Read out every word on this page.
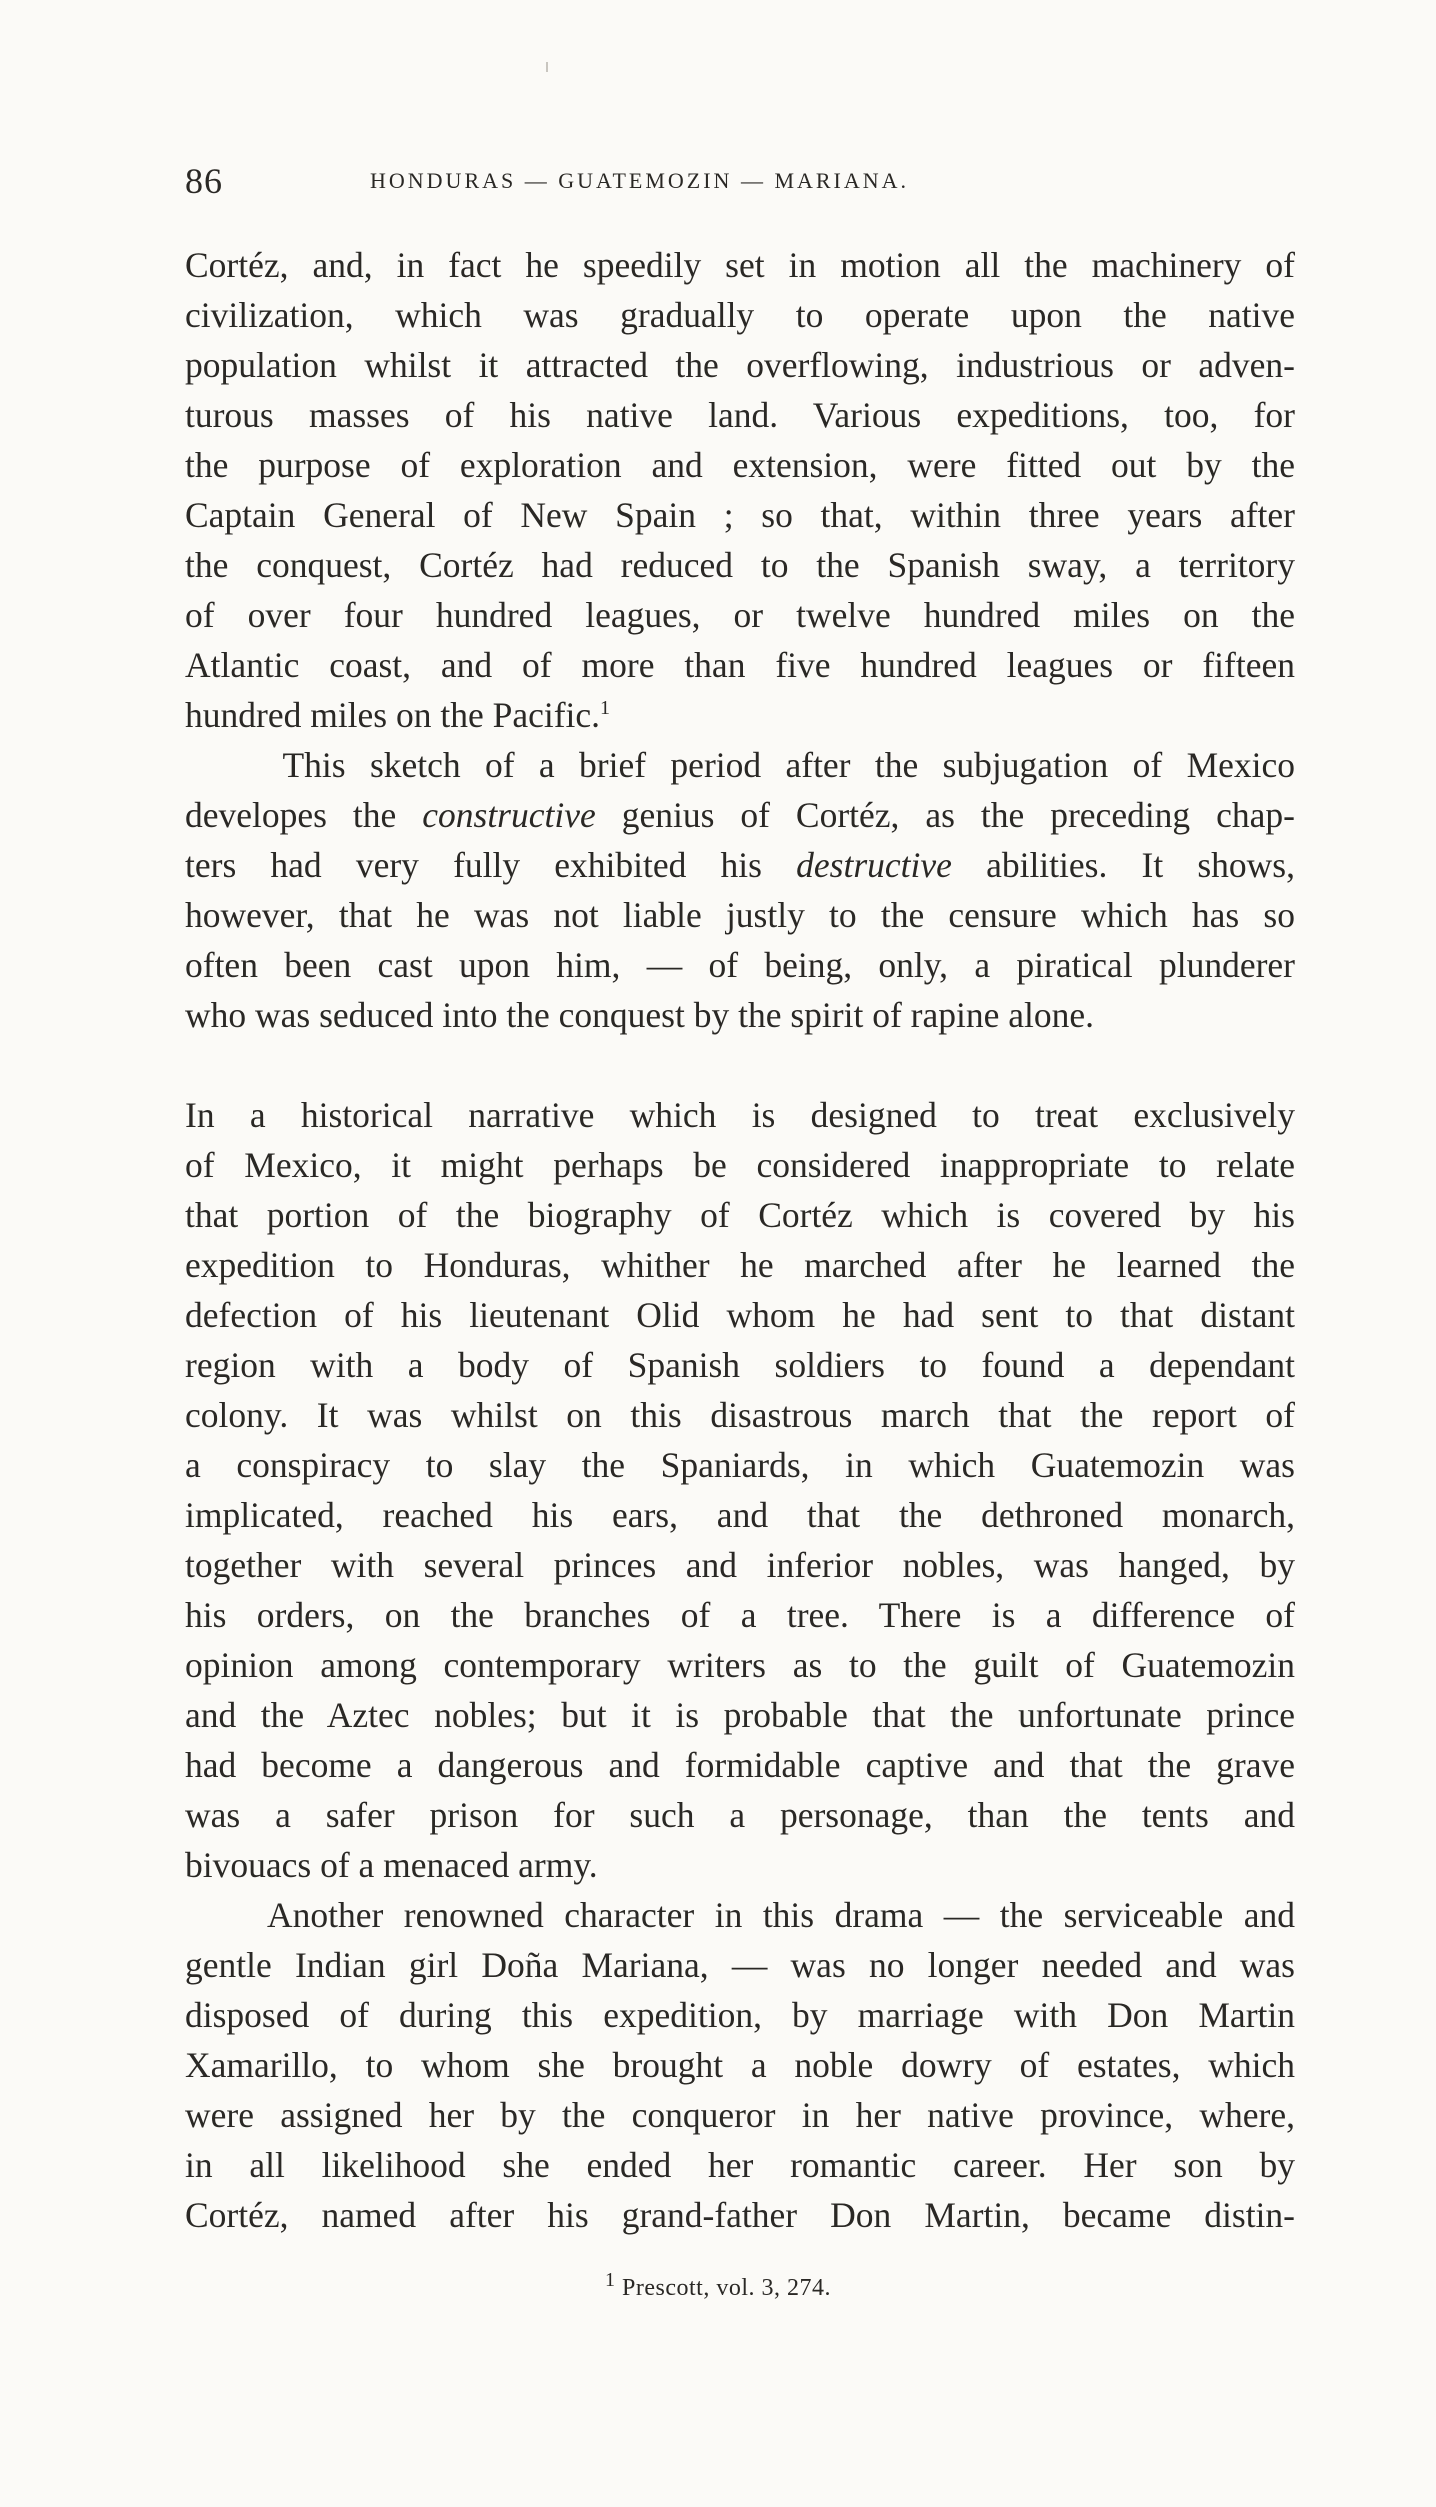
86	HONDURAS — GUATEMOZIN — MARIANA.

Cortéz, and, in fact he speedily set in motion all the machinery of
civilization, which was gradually to operate upon the native
population whilst it attracted the overflowing, industrious or adven-
turous masses of his native land. Various expeditions, too, for
the purpose of exploration and extension, were fitted out by the
Captain General of New Spain ; so that, within three years after
the conquest, Cortéz had reduced to the Spanish sway, a territory
of over four hundred leagues, or twelve hundred miles on the
Atlantic coast, and of more than five hundred leagues or fifteen
hundred miles on the Pacific.$^1$

This sketch of a brief period after the subjugation of Mexico
developes the constructive genius of Cortéz, as the preceding chap-
ters had very fully exhibited his destructive abilities. It shows,
however, that he was not liable justly to the censure which has so
often been cast upon him, — of being, only, a piratical plunderer
who was seduced into the conquest by the spirit of rapine alone.

In a historical narrative which is designed to treat exclusively
of Mexico, it might perhaps be considered inappropriate to relate
that portion of the biography of Cortéz which is covered by his
expedition to Honduras, whither he marched after he learned the
defection of his lieutenant Olid whom he had sent to that distant
region with a body of Spanish soldiers to found a dependant
colony. It was whilst on this disastrous march that the report of
a conspiracy to slay the Spaniards, in which Guatemozin was
implicated, reached his ears, and that the dethroned monarch,
together with several princes and inferior nobles, was hanged, by
his orders, on the branches of a tree. There is a difference of
opinion among contemporary writers as to the guilt of Guatemozin
and the Aztec nobles; but it is probable that the unfortunate prince
had become a dangerous and formidable captive and that the grave
was a safer prison for such a personage, than the tents and
bivouacs of a menaced army.

Another renowned character in this drama — the serviceable and
gentle Indian girl Doña Mariana, — was no longer needed and was
disposed of during this expedition, by marriage with Don Martin
Xamarillo, to whom she brought a noble dowry of estates, which
were assigned her by the conqueror in her native province, where,
in all likelihood she ended her romantic career. Her son by
Cortéz, named after his grand-father Don Martin, became distin-

$^1$ Prescott, vol. 3, 274.
